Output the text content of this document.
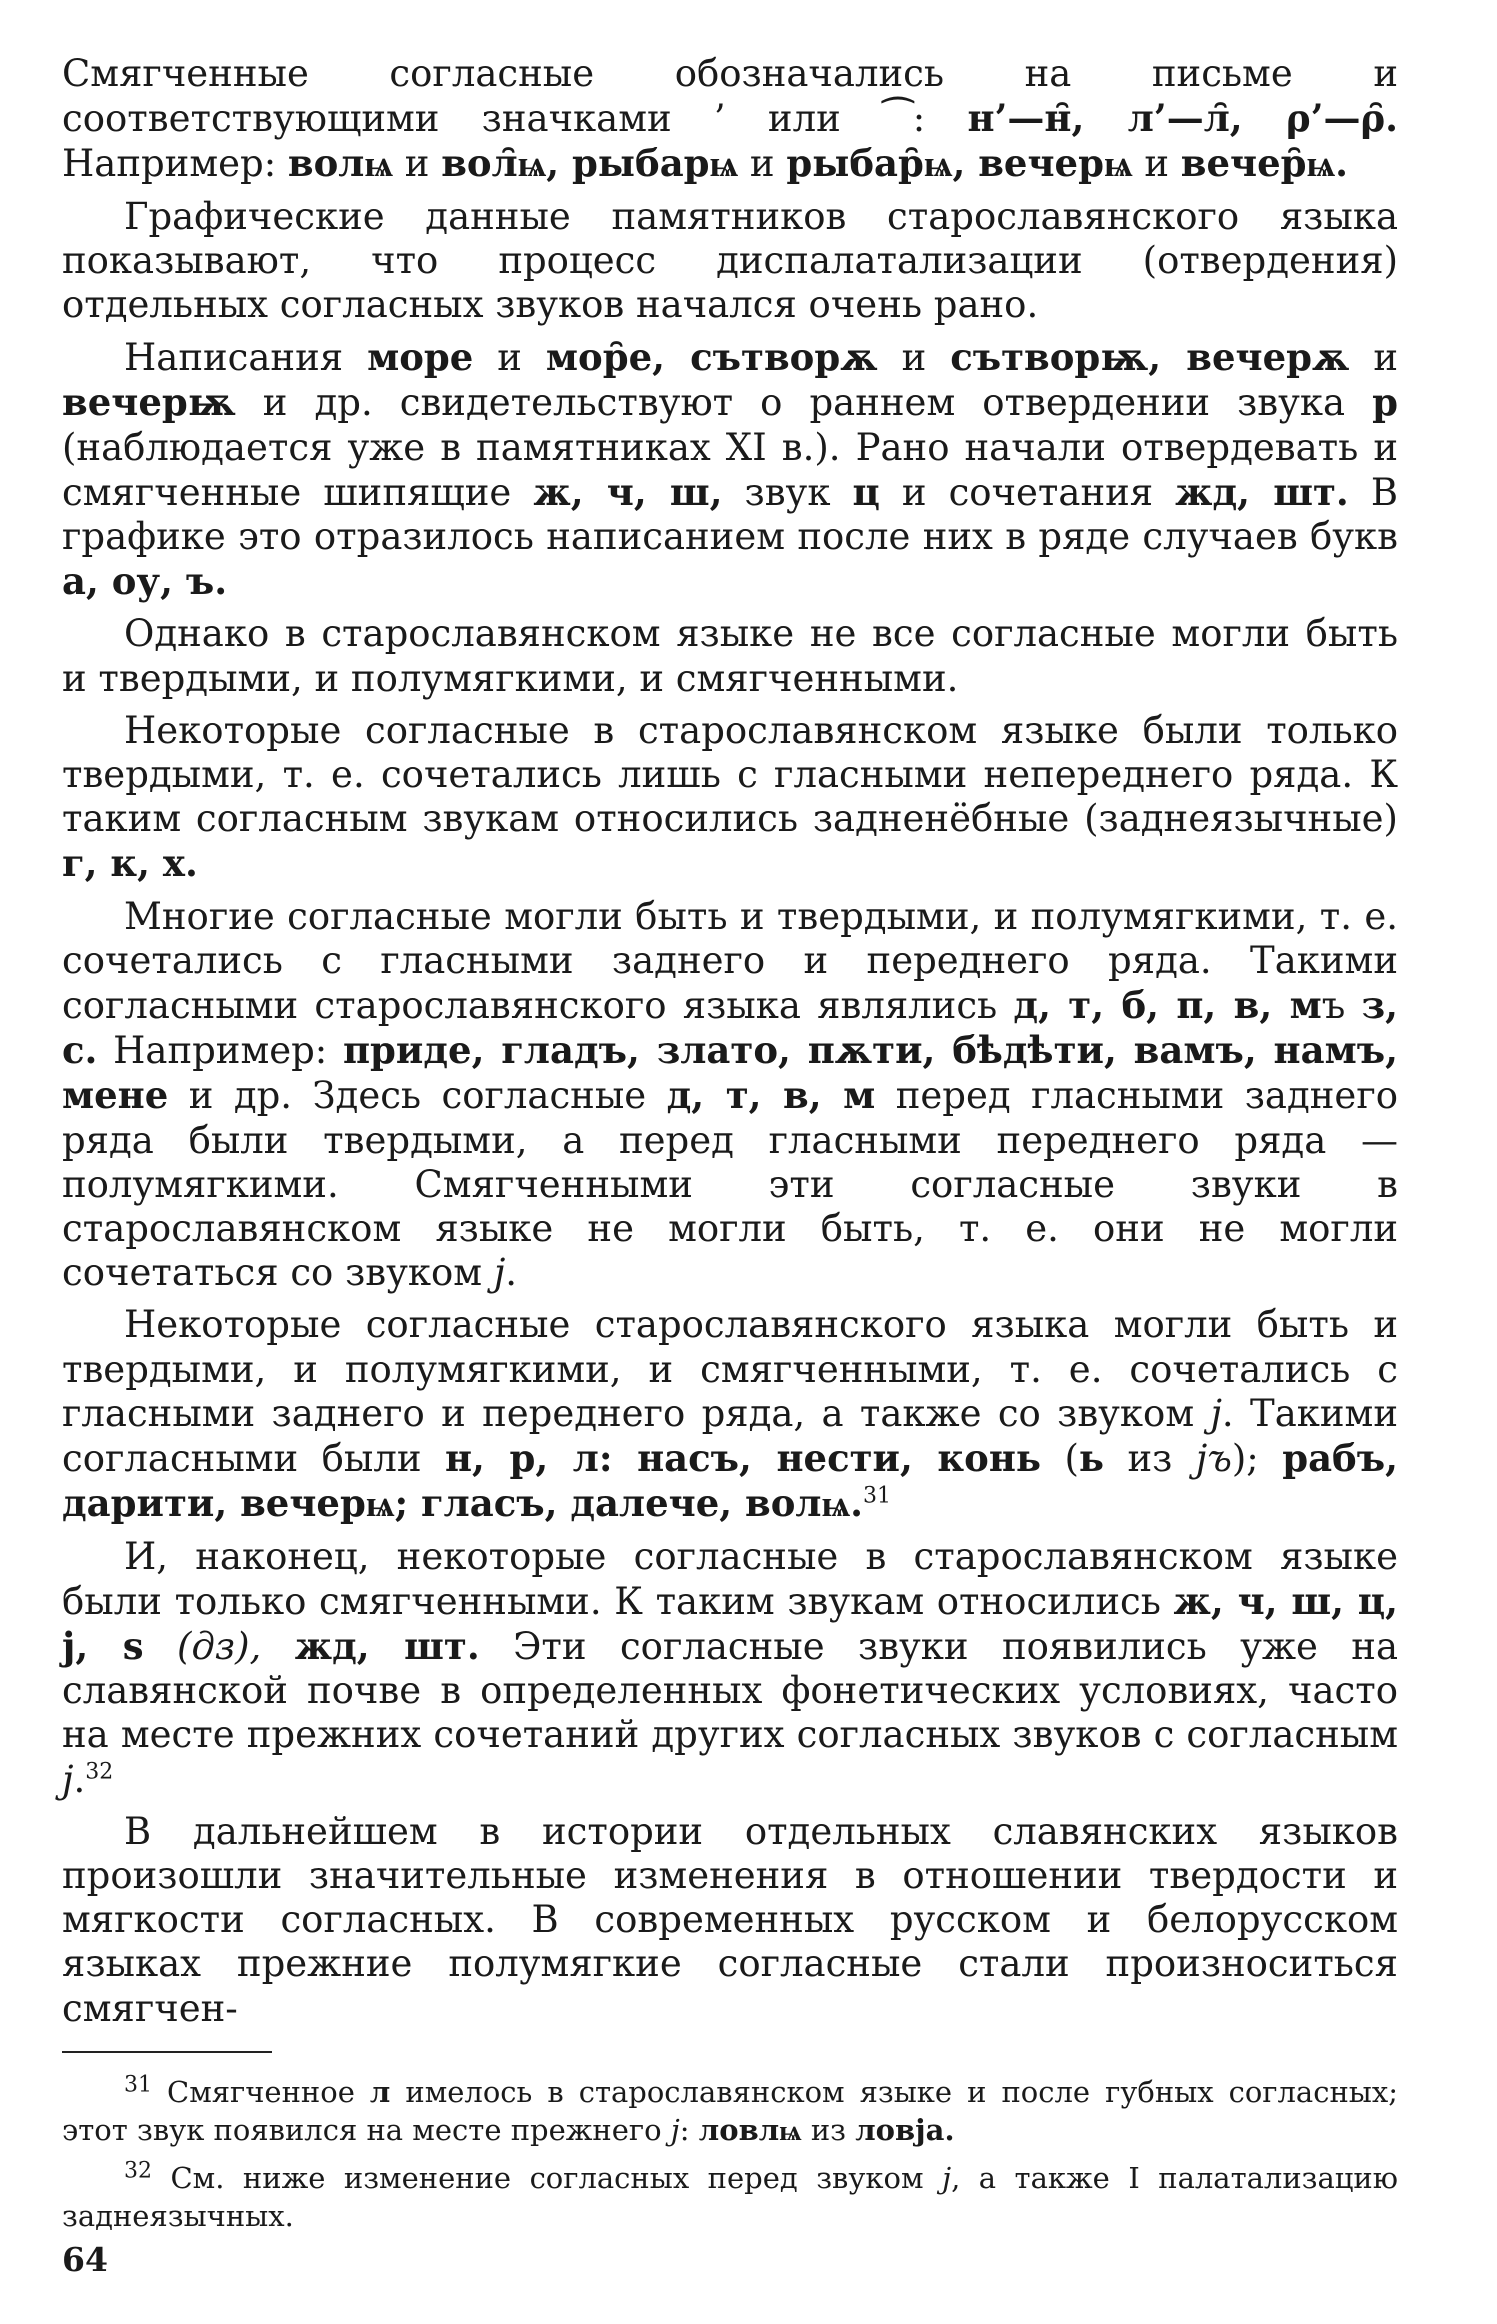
Смягченные согласные обозначались на письме и соответствующими значками ’ или ⁀: н’—н̑, л’—л̑, ρ’—ρ̑. Например: волѩ и вол̑ѩ, рыбарѩ и рыбар̑ѩ, вечерѩ и вечер̑ѩ.

Графические данные памятников старославянского языка показывают, что процесс диспалатализации (отвердения) отдельных согласных звуков начался очень рано.

Написания море и мор̑е, сътворѫ и сътворѭ, вечерѫ и вечерѭ и др. свидетельствуют о раннем отвердении звука р (наблюдается уже в памятниках XI в.). Рано начали отвердевать и смягченные шипящие ж, ч, ш, звук ц и сочетания жд, шт. В графике это отразилось написанием после них в ряде случаев букв а, оу, ъ.

Однако в старославянском языке не все согласные могли быть и твердыми, и полумягкими, и смягченными.

Некоторые согласные в старославянском языке были только твердыми, т. е. сочетались лишь с гласными непереднего ряда. К таким согласным звукам относились задненёбные (заднеязычные) г, к, х.

Многие согласные могли быть и твердыми, и полумягкими, т. е. сочетались с гласными заднего и переднего ряда. Такими согласными старославянского языка являлись д, т, б, п, в, мъ з, с. Например: приде, гладъ, злато, пѫти, бѣдѣти, вамъ, намъ, мене и др. Здесь согласные д, т, в, м перед гласными заднего ряда были твердыми, а перед гласными переднего ряда — полумягкими. Смягченными эти согласные звуки в старославянском языке не могли быть, т. е. они не могли сочетаться со звуком j.

Некоторые согласные старославянского языка могли быть и твердыми, и полумягкими, и смягченными, т. е. сочетались с гласными заднего и переднего ряда, а также со звуком j. Такими согласными были н, р, л: насъ, нести, конь (ь из jъ); рабъ, дарити, вечерѩ; гласъ, далече, волѩ.$^{31}$

И, наконец, некоторые согласные в старославянском языке были только смягченными. К таким звукам относились ж, ч, ш, ц, j, ѕ (дз), жд, шт. Эти согласные звуки появились уже на славянской почве в определенных фонетических условиях, часто на месте прежних сочетаний других согласных звуков с согласным j.$^{32}$

В дальнейшем в истории отдельных славянских языков произошли значительные изменения в отношении твердости и мягкости согласных. В современных русском и белорусском языках прежние полумягкие согласные стали произноситься смягчен-

$^{31}$ Смягченное л имелось в старославянском языке и после губных согласных; этот звук появился на месте прежнего j: ловлѩ из ловjа.

$^{32}$ См. ниже изменение согласных перед звуком j, а также I палатализацию заднеязычных.

64
